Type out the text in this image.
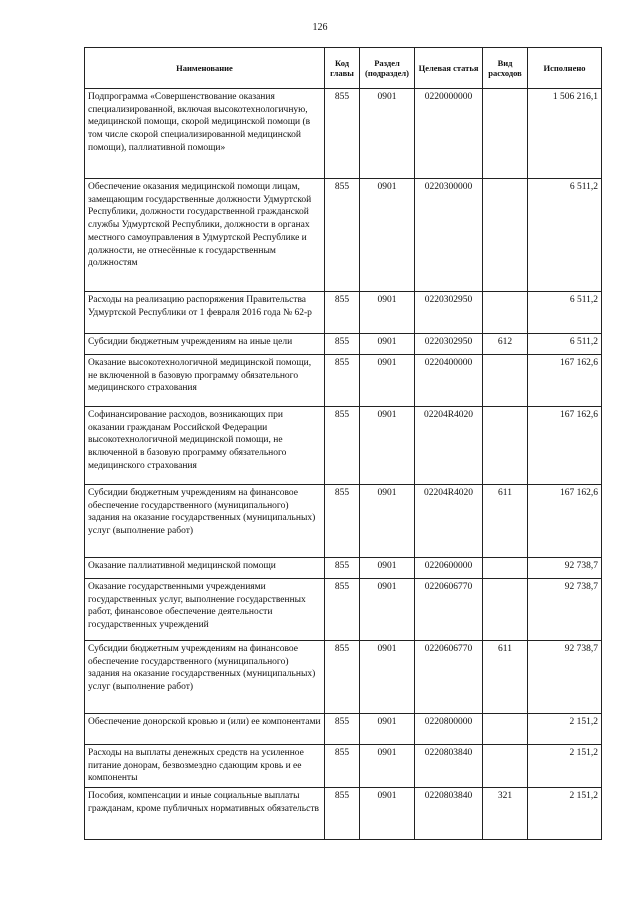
126
Наименование	Код главы	Раздел (подраздел)	Целевая статья	Вид расходов	Исполнено
Подпрограмма «Совершенствование оказания специализированной, включая высокотехнологичную, медицинской помощи, скорой медицинской помощи (в том числе скорой специализированной медицинской помощи), паллиативной помощи»	855	0901	0220000000		1 506 216,1
Обеспечение оказания медицинской помощи лицам, замещающим государственные должности Удмуртской Республики, должности государственной гражданской службы Удмуртской Республики, должности в органах местного самоуправления в Удмуртской Республике и должности, не отнесённые к государственным должностям	855	0901	0220300000		6 511,2
Расходы на реализацию распоряжения Правительства Удмуртской Республики от 1 февраля 2016 года № 62-р	855	0901	0220302950		6 511,2
Субсидии бюджетным учреждениям на иные цели	855	0901	0220302950	612	6 511,2
Оказание высокотехнологичной медицинской помощи, не включенной в базовую программу обязательного медицинского страхования	855	0901	0220400000		167 162,6
Софинансирование расходов, возникающих при оказании гражданам Российской Федерации высокотехнологичной медицинской помощи, не включенной в базовую программу обязательного медицинского страхования	855	0901	02204R4020		167 162,6
Субсидии бюджетным учреждениям на финансовое обеспечение государственного (муниципального) задания на оказание государственных (муниципальных) услуг (выполнение работ)	855	0901	02204R4020	611	167 162,6
Оказание паллиативной медицинской помощи	855	0901	0220600000		92 738,7
Оказание государственными учреждениями государственных услуг, выполнение государственных работ, финансовое обеспечение деятельности государственных учреждений	855	0901	0220606770		92 738,7
Субсидии бюджетным учреждениям на финансовое обеспечение государственного (муниципального) задания на оказание государственных (муниципальных) услуг (выполнение работ)	855	0901	0220606770	611	92 738,7
Обеспечение донорской кровью и (или) ее компонентами	855	0901	0220800000		2 151,2
Расходы на выплаты денежных средств на усиленное питание донорам, безвозмездно сдающим кровь и ее компоненты	855	0901	0220803840		2 151,2
Пособия, компенсации и иные социальные выплаты гражданам, кроме публичных нормативных обязательств	855	0901	0220803840	321	2 151,2
